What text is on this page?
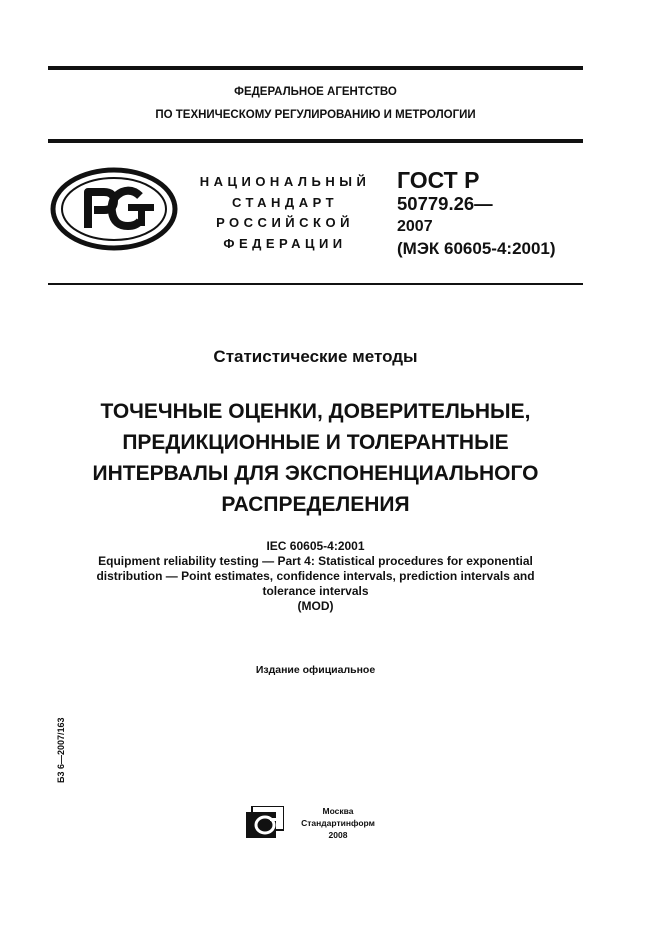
ФЕДЕРАЛЬНОЕ АГЕНТСТВО
ПО ТЕХНИЧЕСКОМУ РЕГУЛИРОВАНИЮ И МЕТРОЛОГИИ
НАЦИОНАЛЬНЫЙ
СТАНДАРТ
РОССИЙСКОЙ
ФЕДЕРАЦИИ
ГОСТ Р
50779.26—
2007
(МЭК 60605-4:2001)
Статистические методы
ТОЧЕЧНЫЕ ОЦЕНКИ, ДОВЕРИТЕЛЬНЫЕ,
ПРЕДИКЦИОННЫЕ И ТОЛЕРАНТНЫЕ
ИНТЕРВАЛЫ ДЛЯ ЭКСПОНЕНЦИАЛЬНОГО
РАСПРЕДЕЛЕНИЯ
IEC 60605-4:2001
Equipment reliability testing — Part 4: Statistical procedures for exponential
distribution — Point estimates, confidence intervals, prediction intervals and
tolerance intervals
(MOD)
Издание официальное
Б3 6—2007/163
Москва
Стандартинформ
2008
